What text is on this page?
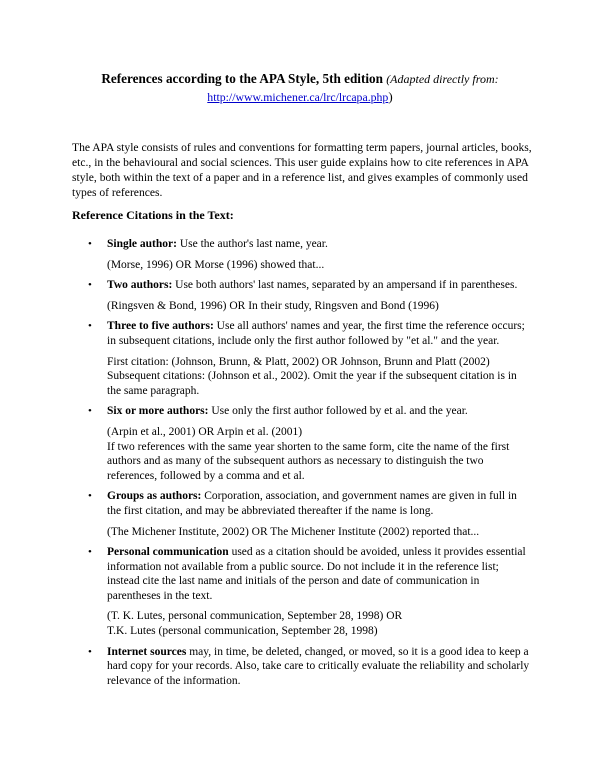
References according to the APA Style, 5th edition (Adapted directly from:
http://www.michener.ca/lrc/lrcapa.php)
The APA style consists of rules and conventions for formatting term papers, journal articles, books, etc., in the behavioural and social sciences. This user guide explains how to cite references in APA style, both within the text of a paper and in a reference list, and gives examples of commonly used types of references.
Reference Citations in the Text:
• Single author: Use the author's last name, year.
(Morse, 1996) OR Morse (1996) showed that...
• Two authors: Use both authors' last names, separated by an ampersand if in parentheses.
(Ringsven & Bond, 1996) OR In their study, Ringsven and Bond (1996)
• Three to five authors: Use all authors' names and year, the first time the reference occurs; in subsequent citations, include only the first author followed by "et al." and the year.
First citation: (Johnson, Brunn, & Platt, 2002) OR Johnson, Brunn and Platt (2002) Subsequent citations: (Johnson et al., 2002). Omit the year if the subsequent citation is in the same paragraph.
• Six or more authors: Use only the first author followed by et al. and the year.
(Arpin et al., 2001) OR Arpin et al. (2001)
If two references with the same year shorten to the same form, cite the name of the first authors and as many of the subsequent authors as necessary to distinguish the two references, followed by a comma and et al.
• Groups as authors: Corporation, association, and government names are given in full in the first citation, and may be abbreviated thereafter if the name is long.
(The Michener Institute, 2002) OR The Michener Institute (2002) reported that...
• Personal communication used as a citation should be avoided, unless it provides essential information not available from a public source. Do not include it in the reference list; instead cite the last name and initials of the person and date of communication in parentheses in the text.
(T. K. Lutes, personal communication, September 28, 1998) OR
T.K. Lutes (personal communication, September 28, 1998)
• Internet sources may, in time, be deleted, changed, or moved, so it is a good idea to keep a hard copy for your records. Also, take care to critically evaluate the reliability and scholarly relevance of the information.
